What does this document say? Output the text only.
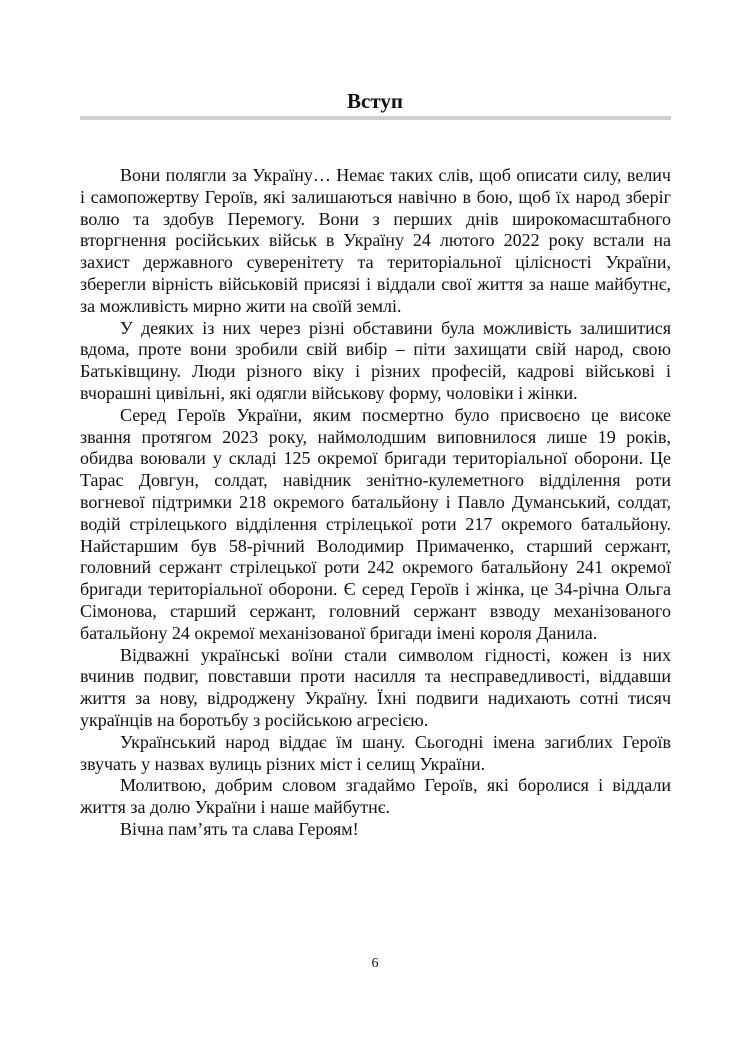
Вступ

Вони полягли за Україну… Немає таких слів, щоб описати силу, велич і самопожертву Героїв, які залишаються навічно в бою, щоб їх народ зберіг волю та здобув Перемогу. Вони з перших днів широкомасштабного вторгнення російських військ в Україну 24 лютого 2022 року встали на захист державного суверенітету та територіальної цілісності України, зберегли вірність військовій присязі і віддали свої життя за наше майбутнє, за можливість мирно жити на своїй землі.

У деяких із них через різні обставини була можливість залишитися вдома, проте вони зробили свій вибір – піти захищати свій народ, свою Батьківщину. Люди різного віку і різних професій, кадрові військові і вчорашні цивільні, які одягли військову форму, чоловіки і жінки.

Серед Героїв України, яким посмертно було присвоєно це високе звання протягом 2023 року, наймолодшим виповнилося лише 19 років, обидва воювали у складі 125 окремої бригади територіальної оборони. Це Тарас Довгун, солдат, навідник зенітно-кулеметного відділення роти вогневої підтримки 218 окремого батальйону і Павло Думанський, солдат, водій стрілецького відділення стрілецької роти 217 окремого батальйону. Найстаршим був 58-річний Володимир Примаченко, старший сержант, головний сержант стрілецької роти 242 окремого батальйону 241 окремої бригади територіальної оборони. Є серед Героїв і жінка, це 34-річна Ольга Сімонова, старший сержант, головний сержант взводу механізованого батальйону 24 окремої механізованої бригади імені короля Данила.

Відважні українські воїни стали символом гідності, кожен із них вчинив подвиг, повставши проти насилля та несправедливості, віддавши життя за нову, відроджену Україну. Їхні подвиги надихають сотні тисяч українців на боротьбу з російською агресією.

Український народ віддає їм шану. Сьогодні імена загиблих Героїв звучать у назвах вулиць різних міст і селищ України.

Молитвою, добрим словом згадаймо Героїв, які боролися і віддали життя за долю України і наше майбутнє.

Вічна пам’ять та слава Героям!

6
